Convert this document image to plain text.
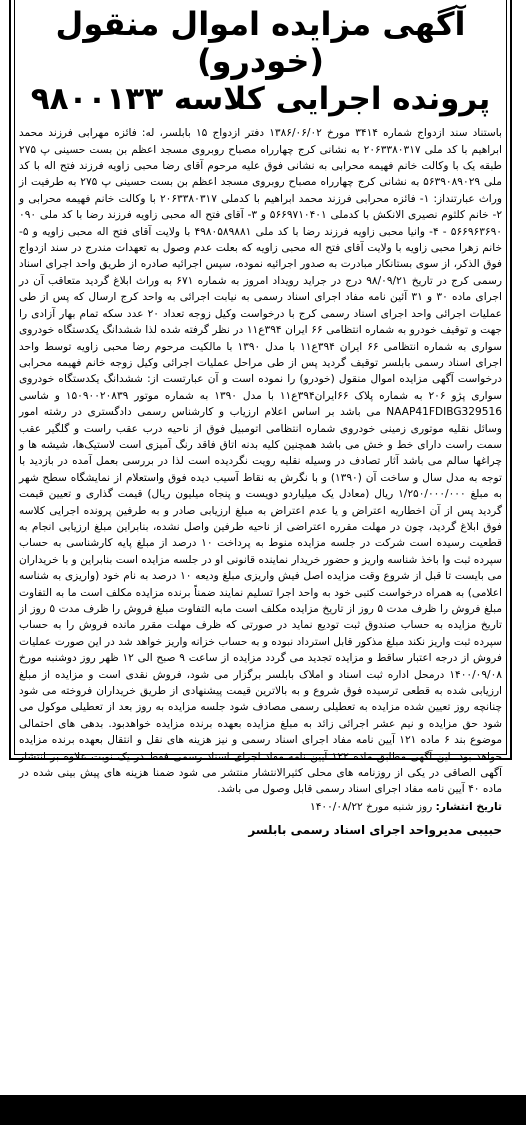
آگهی مزایده اموال منقول (خودرو)
پرونده اجرایی کلاسه ۹۸۰۰۱۳۳
باستناد سند ازدواج شماره ۳۴۱۴ مورخ ۱۳۸۶/۰۶/۰۲ دفتر ازدواج ۱۵ بابلسر، له: فائزه مهرابی فرزند محمد ابراهیم با کد ملی ۲۰۶۳۳۸۰۳۱۷ به نشانی کرج چهارراه مصباح روبروی مسجد اعظم بن بست حسینی پ ۲۷۵ طبقه یک با وکالت خانم فهیمه محرابی به نشانی فوق علیه مرحوم آقای رضا محبی زاویه فرزند فتح اله با کد ملی ۵۶۳۹۰۸۹۰۲۹ به نشانی کرج چهارراه مصباح روبروی مسجد اعظم بن بست حسینی پ ۲۷۵ به طرفیت از وراث عبارتنداز: ۱- فائزه محرابی فرزند محمد ابراهیم با کدملی ۲۰۶۳۳۸۰۳۱۷ با وکالت خانم فهیمه محرابی و ۲- خانم کلثوم نصیری الانکش با کدملی ۵۶۶۹۷۱۰۴۰۱ و ۳- آقای فتح اله محبی زاویه فرزند رضا با کد ملی ۰۹۰ ۵۶۶۹۶۳۶۹۰ - ۴- وانیا محبی زاویه فرزند رضا با کد ملی ۴۹۸۰۵۸۹۸۸۱ با ولایت آقای فتح اله محبی زاویه و ۵- خانم زهرا محبی زاویه با ولایت آقای فتح اله محبی زاویه که بعلت عدم وصول به تعهدات مندرج در سند ازدواج فوق الذکر، از سوی بستانکار مبادرت به صدور اجرائیه نموده، سپس اجرائیه صادره از طریق واحد اجرای اسناد رسمی کرج در تاریخ ۹۸/۰۹/۲۱ درج در جراید رویداد امروز به شماره ۶۷۱ به وراث ابلاغ گردید متعاقب آن در اجرای ماده ۳۰ و ۳۱ آئین نامه مفاد اجرای اسناد رسمی به نیابت اجرائی به واحد کرج ارسال که پس از طی عملیات اجرائی واحد اجرای اسناد رسمی کرج با درخواست وکیل زوجه تعداد ۲۰ عدد سکه تمام بهار آزادی را جهت و توقیف خودرو به شماره انتظامی ۶۶ ایران ۳۹۴ع۱۱ در نظر گرفته شده لذا ششدانگ یکدستگاه خودروی سواری به شماره انتظامی ۶۶ ایران ۳۹۴ع۱۱ با مدل ۱۳۹۰ با مالکیت مرحوم رضا محبی زاویه توسط واحد اجرای اسناد رسمی بابلسر توقیف گردید پس از طی مراحل عملیات اجرائی وکیل زوجه خانم فهیمه محرابی درخواست آگهی مزایده اموال منقول (خودرو) را نموده است و آن عبارتست از: ششدانگ یکدستگاه خودروی سواری پژو ۲۰۶ به شماره پلاک ۶۶ایران۳۹۴ع۱۱ با مدل ۱۳۹۰ به شماره موتور ۱۵۰۹۰۰۲۰۸۳۹ و شاسی NAAP41FDIBG329516 می باشد بر اساس اعلام ارزیاب و کارشناس رسمی دادگستری در رشته امور وسائل نقلیه موتوری زمینی خودروی شماره انتظامی اتومبیل فوق از ناحیه درب عقب راست و گلگیر عقب سمت راست دارای خط و خش می باشد همچنین کلیه بدنه اتاق فاقد رنگ آمیزی است لاستیک‌ها، شیشه ها و چراغها سالم می باشد آثار تصادف در وسیله نقلیه رویت نگردیده است لذا در بررسی بعمل آمده در بازدید با توجه به مدل سال و ساخت آن (۱۳۹۰) و با نگرش به نقاط آسیب دیده فوق واستعلام از نمایشگاه سطح شهر به مبلغ ۱/۲۵۰/۰۰۰/۰۰۰ ریال (معادل یک میلیاردو دویست و پنجاه میلیون ریال) قیمت گذاری و تعیین قیمت گردید پس از آن اخطاریه اعتراض و یا عدم اعتراض به مبلغ ارزیابی صادر و به طرفین پرونده اجرایی کلاسه فوق ابلاغ گردید، چون در مهلت مقرره اعتراضی از ناحیه طرفین واصل نشده، بنابراین مبلغ ارزیابی انجام به قطعیت رسیده است شرکت در جلسه مزایده منوط به پرداخت ۱۰ درصد از مبلغ پایه کارشناسی به حساب سپرده ثبت وا باخذ شناسه واریز و حضور خریدار نماینده قانونی او در جلسه مزایده است بنابراین و با خریداران می بایست تا قبل از شروع وقت مزایده اصل فیش واریزی مبلغ ودیعه ۱۰ درصد به نام خود (واریزی به شناسه اعلامی) به همراه درخواست کتبی خود به واحد اجرا تسلیم نمایند ضمناً برنده مزایده مکلف است ما به التفاوت مبلغ فروش را ظرف مدت ۵ روز از تاریخ مزایده مکلف است مابه التفاوت مبلغ فروش را ظرف مدت ۵ روز از تاریخ مزایده به حساب صندوق ثبت تودیع نماید در صورتی که ظرف مهلت مقرر مانده فروش را به حساب سپرده ثبت واریز نکند مبلغ مذکور قابل استرداد نبوده و به حساب خزانه واریز خواهد شد در این صورت عملیات فروش از درجه اعتبار ساقط و مزایده تجدید می گردد مزایده از ساعت ۹ صبح الی ۱۲ ظهر روز دوشنبه مورخ ۱۴۰۰/۰۹/۰۸ درمحل اداره ثبت اسناد و املاک بابلسر برگزار می شود، فروش نقدی است و مزایده از مبلغ ارزیابی شده به قطعی ترسیده فوق شروع و به بالاترین قیمت پیشنهادی از طریق خریداران فروخته می شود چنانچه روز تعیین شده مزایده به تعطیلی رسمی مصادف شود جلسه مزایده به روز بعد از تعطیلی موکول می شود حق مزایده و نیم عشر اجرائی زائد به مبلغ مزایده بعهده برنده مزایده خواهدبود. بدهی های احتمالی موضوع بند ۶ ماده ۱۲۱ آیین نامه مفاد اجرای اسناد رسمی و نیز هزینه های نقل و انتقال بعهده برنده مزایده خواهد بود. این آگهی مطابق ماده ۱۲۲ آیین نامه مفاد اجرای اسناد رسمی فقط در یک نوبت علاوه بر انتشار آگهی الصاقی در یکی از روزنامه های محلی کثیرالانتشار منتشر می شود ضمنا هزینه های پیش بینی شده در ماده ۴۰ آیین نامه مفاد اجرای اسناد رسمی قابل وصول می باشد.
تاریخ انتشار: روز شنبه مورخ ۱۴۰۰/۰۸/۲۲
حبیبی مدیرواحد اجرای اسناد رسمی بابلسر
